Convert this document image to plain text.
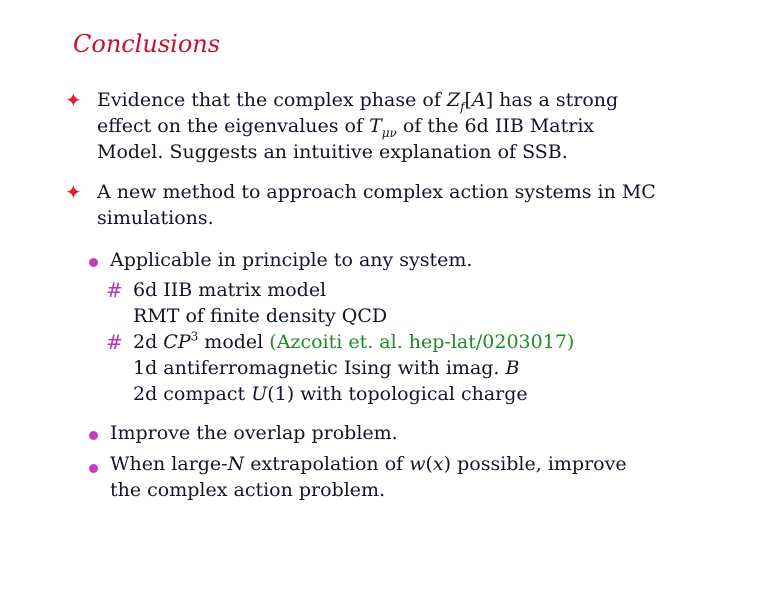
Conclusions
✦ Evidence that the complex phase of $Z_f[A]$ has a strong
effect on the eigenvalues of $T_{\mu\nu}$ of the 6d IIB Matrix
Model. Suggests an intuitive explanation of SSB.
✦ A new method to approach complex action systems in MC
simulations.
Applicable in principle to any system.
# 6d IIB matrix model
RMT of finite density QCD
# 2d $CP^3$ model (Azcoiti et. al. hep-lat/0203017)
1d antiferromagnetic Ising with imag. B
2d compact U(1) with topological charge
Improve the overlap problem.
When large-N extrapolation of w(x) possible, improve
the complex action problem.
